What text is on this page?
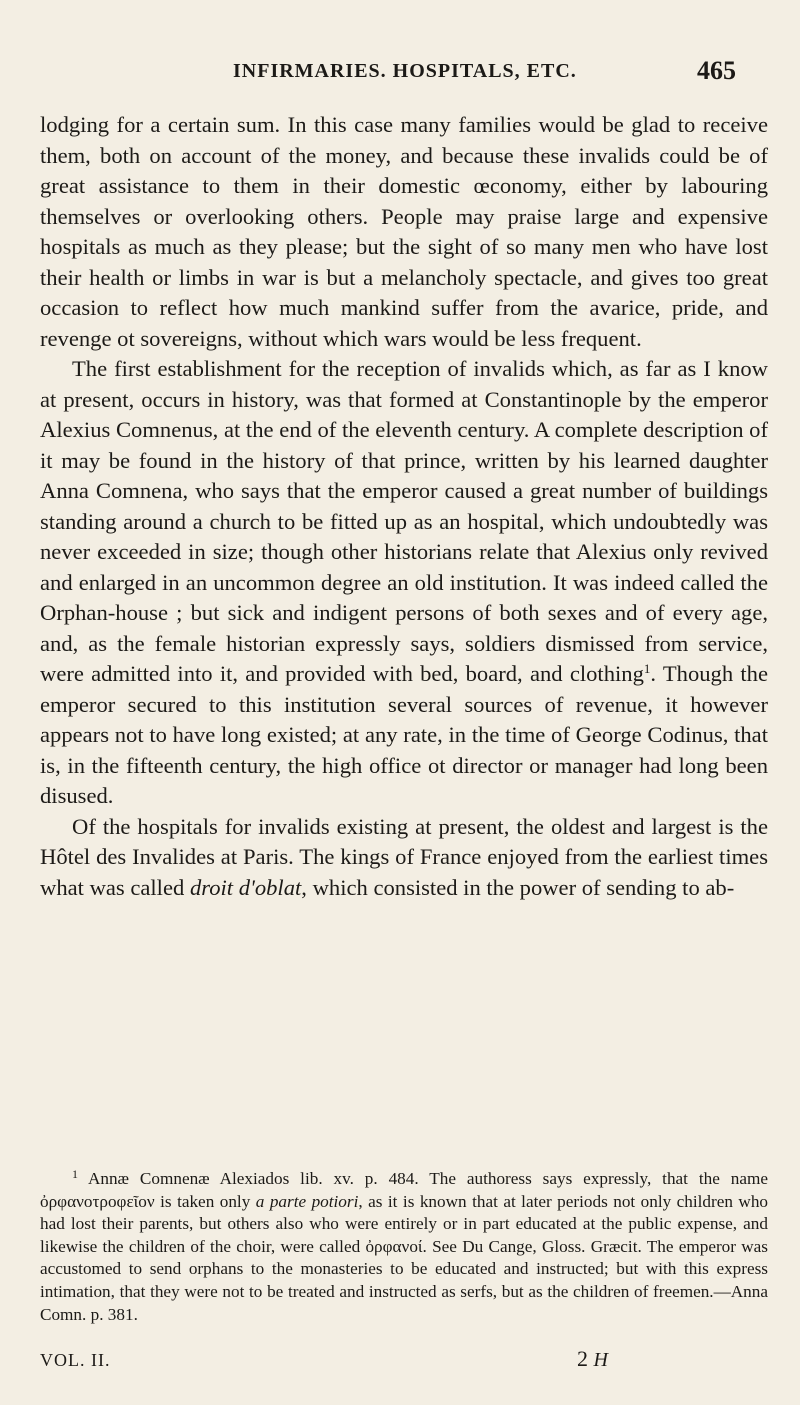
INFIRMARIES. HOSPITALS, ETC.	465

lodging for a certain sum. In this case many families would be glad to receive them, both on account of the money, and because these invalids could be of great assistance to them in their domestic œconomy, either by labouring themselves or overlooking others. People may praise large and expensive hospitals as much as they please; but the sight of so many men who have lost their health or limbs in war is but a melancholy spectacle, and gives too great occasion to reflect how much mankind suffer from the avarice, pride, and revenge ot sovereigns, without which wars would be less frequent.

The first establishment for the reception of invalids which, as far as I know at present, occurs in history, was that formed at Constantinople by the emperor Alexius Comnenus, at the end of the eleventh century. A complete description of it may be found in the history of that prince, written by his learned daughter Anna Comnena, who says that the emperor caused a great number of buildings standing around a church to be fitted up as an hospital, which undoubtedly was never exceeded in size; though other historians relate that Alexius only revived and enlarged in an uncommon degree an old institution. It was indeed called the Orphan-house ; but sick and indigent persons of both sexes and of every age, and, as the female historian expressly says, soldiers dismissed from service, were admitted into it, and provided with bed, board, and clothing$^1$. Though the emperor secured to this institution several sources of revenue, it however appears not to have long existed; at any rate, in the time of George Codinus, that is, in the fifteenth century, the high office ot director or manager had long been disused.

Of the hospitals for invalids existing at present, the oldest and largest is the Hôtel des Invalides at Paris. The kings of France enjoyed from the earliest times what was called droit d'oblat, which consisted in the power of sending to ab-

$^1$ Annæ Comnenæ Alexiados lib. xv. p. 484. The authoress says expressly, that the name ὀρφανοτροφεῖον is taken only a parte potiori, as it is known that at later periods not only children who had lost their parents, but others also who were entirely or in part educated at the public expense, and likewise the children of the choir, were called ὀρφανοί. See Du Cange, Gloss. Græcit. The emperor was accustomed to send orphans to the monasteries to be educated and instructed; but with this express intimation, that they were not to be treated and instructed as serfs, but as the children of freemen.—Anna Comn. p. 381.

VOL. II.	2 H
